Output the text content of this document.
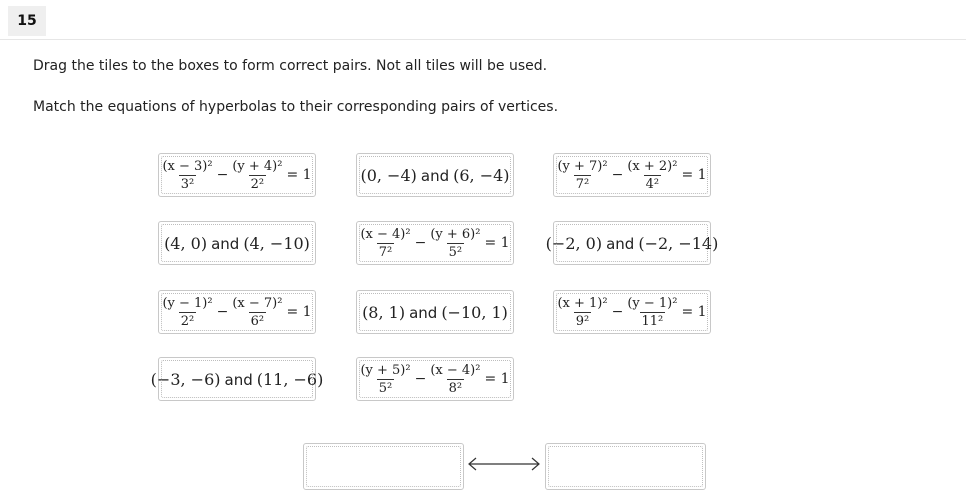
15
Drag the tiles to the boxes to form correct pairs. Not all tiles will be used.
Match the equations of hyperbolas to their corresponding pairs of vertices.
$\frac{\text{(x − 3)²}}{\text{3²}} - \frac{\text{(y + 4)²}}{\text{2²}} = 1$	(0, −4) and (6, −4)	$\frac{\text{(y + 7)²}}{\text{7²}} - \frac{\text{(x + 2)²}}{\text{4²}} = 1$
(4, 0) and (4, −10)	$\frac{\text{(x − 4)²}}{\text{7²}} - \frac{\text{(y + 6)²}}{\text{5²}} = 1$ (−2, 0) and (−2, −14)
$\frac{\text{(y − 1)²}}{\text{2²}} - \frac{\text{(x − 7)²}}{\text{6²}} = 1$	(8, 1) and (−10, 1)	$\frac{\text{(x + 1)²}}{\text{9²}} - \frac{\text{(y − 1)²}}{\text{11²}} = 1$
(−3, −6) and (11, −6)	$\frac{\text{(y + 5)²}}{\text{5²}} - \frac{\text{(x − 4)²}}{\text{8²}} = 1$
